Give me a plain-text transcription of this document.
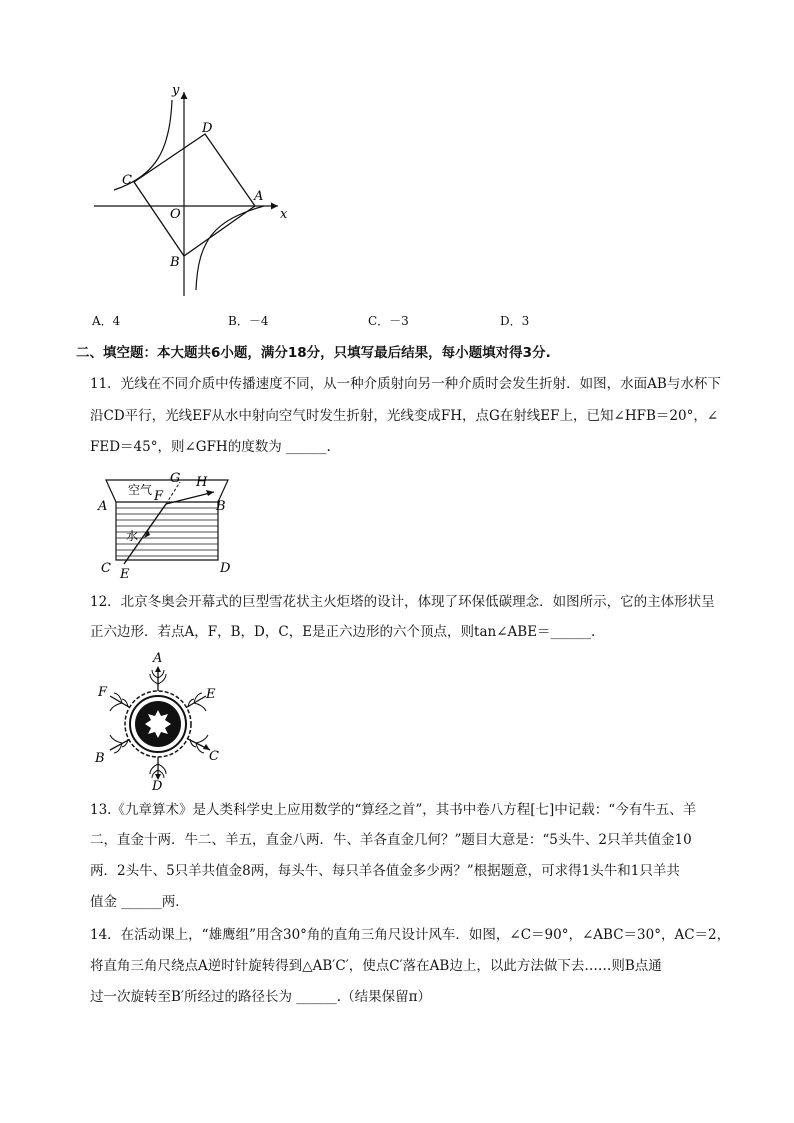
y
x
O
A
B
C
D
A．4	B．－4	C．－3	D．3
二、填空题：本大题共6小题，满分18分，只填写最后结果，每小题填对得3分.
11．光线在不同介质中传播速度不同，从一种介质射向另一种介质时会发生折射．如图，水面AB与水杯下
沿CD平行，光线EF从水中射向空气时发生折射，光线变成FH，点G在射线EF上，已知∠HFB＝20°，∠
FED＝45°，则∠GFH的度数为 ______.
空气
水
A	B
C	D
E
F
G H
12．北京冬奥会开幕式的巨型雪花状主火炬塔的设计，体现了环保低碳理念．如图所示，它的主体形状呈
正六边形．若点A，F，B，D，C，E是正六边形的六个顶点，则tan∠ABE＝______.
A
B	C
D
E
F
13.《九章算术》是人类科学史上应用数学的“算经之首”，其书中卷八方程[七]中记载：“今有牛五、羊
二，直金十两．牛二、羊五，直金八两．牛、羊各直金几何？”题目大意是：“5头牛、2只羊共值金10
两．2头牛、5只羊共值金8两，每头牛、每只羊各值金多少两？”根据题意，可求得1头牛和1只羊共
值金 ______两．
14．在活动课上，“雄鹰组”用含30°角的直角三角尺设计风车．如图，∠C＝90°，∠ABC＝30°，AC＝2，
将直角三角尺绕点A逆时针旋转得到△AB′C′，使点C′落在AB边上，以此方法做下去……则B点通
过一次旋转至B′所经过的路径长为 ______.（结果保留π）
